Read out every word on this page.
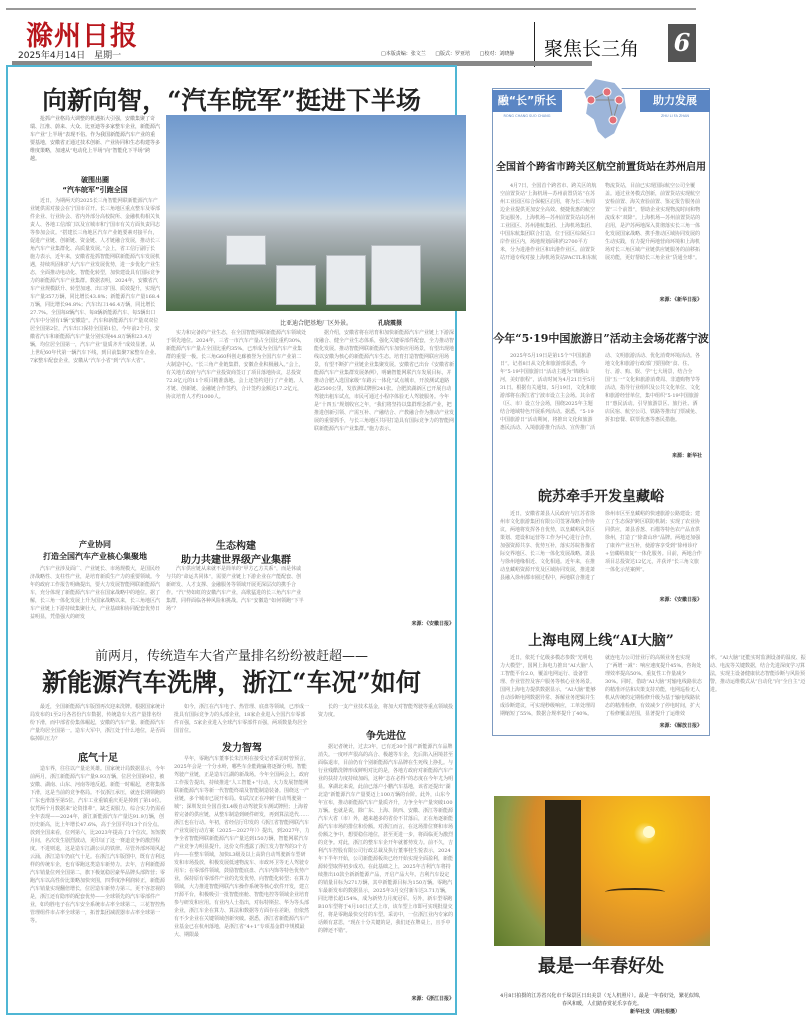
滁州日报
2025年4月14日　星期一	□本版责编：张文兰 □版式：罗亚培 □校对：刘晓静	聚焦长三角 6
向新向智，“汽车皖军”挺进下半场
抢抓产业格局大调整的机遇拓大引强，安徽集聚了奇瑞、江淮、蔚来、大众、比亚迪等多家整车企业，新能源汽车产业“上半场”表现不俗。作为我国新能源汽车产业的重要基地，安徽省正通过技术创新、产业协同和生态构建等多维度策略，加速从“电动化上半场”向“智能化下半场”跨越。
破围出圈
“汽车皖军”引跑全国
近日，为期两天的2025长三角智能网联新能源汽车产业链供需对接会在宁国市召开。长三角地区重点整车及零部件企业、行业协会、省内外部分高校院所、金融机构相关负责人、各地工信部门以及宣城市和宁国市有关方面负责同志等参加会议。“搭建长三角地区汽车产业链要素对接平台，促进产业链、创新链、资金链、人才链融合发展，推动长三角汽车产业集群化、高质量发展。”会上，省工信厅副厅长施力表示，近年来，安徽省抢抓智能网联新能源汽车发展机遇，持续巩固和扩大汽车产业发展优势，进一步优化产业生态，全面推动电动化、智能化转型，加快建设具有国际竞争力的新能源汽车产业集群。数据表明，2024年，安徽省汽车产业规模跃升、转型加速、出口扩围、质效提升，实现汽车产量357万辆，同比增长43.8%；新能源汽车产量168.4万辆，同比增长94.8%；汽车出口146.4万辆，同比增长27.7%。全国每8辆汽车、每8辆新能源汽车、每5辆出口汽车中分别有1辆“安徽造”。汽车和新能源汽车产量双双位居全国第2位，汽车出口保持全国第1位。今年前2个月，安徽省汽车和新能源汽车产量分别实现44.8万辆和23.4万辆，均位居全国第一，汽车产业“量质齐升”成效显著。从上世纪60年代第一辆汽车下线，到目前集聚7家整车企业、7家整车配套企业，安徽从“汽车小省”到“汽车大省”。
产业协同
打造全国汽车产业核心集聚地
汽车产业涉及面广、产业链长、市场规模大，是国民经济战略性、支柱性产业，是培育新质生产力的重要领域。今年的政府工作报告明确提出，要大力发展智能网联新能源汽车，充分体现了新能源汽车产业在国家战略中的地位。据了解，长三角一体化发展上升为国家战略以来，长三角地区汽车产业链上下游持续集聚壮大，产业基础和协同配套优势日益明显，凭借强大的研发
比亚迪合肥基地厂区外景。	孔晓震摄
实力和完备的产业生态，在全国智能网联新能源汽车领域处于领先地位。2024年，三省一市汽车产量占全国比重约30%，新能源汽车产量占全国比重约35%，已形成为全国汽车产业集群的重要一极。长三角G60科创走廊被誉为全国汽车产业第二大制造中心。“长三角产业链集群，安徽企业积极融入。”会上，有关地方政府与汽车产业投资商签订了项目落地协议，总投资72.8亿元的11个项目精准落地。会上还签约进行了产业链、人才链、创新链、金融链合作签约，合计签约金额达17.2亿元，协议培育人才约1000人。
生态构建
助力共建世界级产业集群
汽车供应链从来就不是简单的“甲方乙方关系”，而是休戚与共的“命运共同体”，需要产业链上下游企业在产能配套、创新研发、人才支撑、金融服务等领域开展更深层次的携手合作。“汽”势如虹的安徽汽车产业，高歌猛进的长三角汽车产业集群，同样面临各种风险和挑战。汽车“安徽造”如何领跑“下半场”？
据介绍，安徽省将在培育和加快新能源汽车产业链上下游深度融合、健全产业生态体系，强化关键零部件配套，全力推动智能化发展。推动智能网联新能源汽车加快应用场景，有望出现地线以安徽为核心的新能源汽车生态。培育打造智能网联应用场景，有望不断扩产业链企业集聚发展。安徽省已出台《安徽省新能源汽车产业集群发展条例》，明确智能网联汽车发展目标，并推动合肥入选国家级“车路云一体化”试点城市，开放测试道路超2500公里，发放测试牌照241张。合肥滨湖新区已开展自动驾驶出租车试点，市民可通过小程序体验无人驾驶服务。今年是“十四五”规划收官之年，“我们将坚持以集群理念抓产业，把推进创新引领、产需互补、产融结合、产教融合作为推动产业发展的重要抓手，与长三角地区共同打造具有国际竞争力的智能网联新能源汽车产业集群。”施力表示。
来源：《安徽日报》
前两月，传统造车大省产量排名纷纷被赶超——
新能源汽车洗牌，浙江“车况”如何
最近，全国新能源汽车版图再次迎来洗牌。根据国家统计局发布的1至2月各省份汽车数据，传统造车大省产量排名纷纷下滑，而中部省份集体崛起，安徽的汽车产量、新能源汽车产量均居全国第一。造车大军中，浙江处于什么地位，是否面临掉队压力？
底气十足
造车界，往往以产量论英雄。国家统计局数据显示，今年前两月，浙江新能源汽车产量9.93万辆，位居全国第9位，被安徽、湖南、山东、河南等地反超。新能一时崛起，老将集体下滑，这是当前的竞争格局。不仅浙江承压，就连长期领跑的广东也滑落至第5位，汽车工业重镇重庆更是掉到了第10位。仅凭两个月数据来“论资排辈”，缺乏说服力，综合实力仍需看全年表现——2024年，浙江新能源汽车产量达91.9万辆，创历史新高，比上年增长47.6%，高于全国平均13个百分点。放到全国来看，位列第六，比2023年提高了1个位次。短短数月间，名次发生剧烈波动，更印证了这一赛道竞争的激烈程度。不进则退，这是造车江湖公认的铁律。尽管外部环境风起云涌，浙江造车仍底气十足。在浙江汽车版图中，既有吉利这样的传统车企，也有零跑这类造车新势力。去年，吉利新能源汽车销量位列全国第二，旗下极氪稳居豪华品牌头部阵营；零跑汽车以高性价比策略加快突围，四季度净利润转正，新能源汽车销量实现翻倍增长，位居造车新势力第三。更不容忽视的是，浙江还有隐形的配套优势——全球领先的汽车零部件产业，如均胜电子在汽车安全系统市占率全球第二，三花智控热管理组件市占率全球第一，拓普集团减震器市占率全球第一等。
如今，浙江在汽车电子、热管理、底盘等领域，已形成一批具有国际竞争力的头部企业，18家企业进入全国汽车零部件百强，5家企业进入全球汽车零部件百强，两项数量均居全国首位。
发力智驾
早年，零跑汽车董事长朱江明在接受记者采访时曾预言，2025年会是一个分水岭，哪些车企能跑赢将逐渐分明。智能驾驶产业链，正是造车江湖的新战场。今年全国两会上，政府工作报告提出，持续推进“人工智能+”行动，大力发展智能网联新能源汽车等新一代智能终端及智能制造装备。围绕这一产业链，多个城市已展开布局。如武汉正在冲刺“自动驾驶第一城”；深圳发出全国首张L4级自动驾驶货车测试牌照；上海着着完备的供应链，从整车制造到硬件研发，再到算法迭代……浙江也在行动。年初，省经信厅印发的《浙江省智能网联汽车产业发展行动方案（2025—2027年）》提出，到2027年，力争全省智能网联新能源汽车产量达到150万辆，智能网联汽车产业竞争力明显提升。这份文件透露了浙江发力智驾的3个方向——在整车领域，加快L3级及以上高阶自动驾驶新车型研发和市场投放，积极发展低速物流车、市政环卫等无人驾驶专用车；在零部件领域，鼓励智能底盘、汽车内饰等特色优势产业，保持原有零部件产业的先发优势，向智能化转型；在算力领域，大力推进智能网联汽车操作系统等核心软件开发，建立开源平台，积极吸引一批智能座舱、智能电控等领域企业培育参与研发和应用。有业内人士指出，对标特斯拉、华为等头部企业，浙江车企在算力、算法和数据等方面存在差距，但依然有不少企业在关键领域创新突破。据悉，浙江省新能源汽车产业基金已在杭州落地，是浙江省“4+1”专项基金群中规模最大、期限最
长的一支产业技术基金，将加大对智能驾驶等重点领域投资力度。
争先进位
据记者统计，过去3年，已有近30个国产新能源汽车品牌消失。一度呼声很高的高合、极越等车企，先后陷入困境甚至面临退市，目前仍有个别新能源汽车品牌在生死线上挣扎。与行业残酷洗牌形成鲜明对比的是，各地方政府对新能源汽车产业的扶持力度持续加码，这种“志在必得”的态度在今年尤为明显。拿湖北来说，此前已落户小鹏汽车基地，该省还提出“湖北造”新能源汽车产量要迈上100万辆的台阶。此外，山东今年宣布，推动新能源汽车产量质齐升，力争全年产量突破100万辆。也就是说，除广东、上海、陕西、安徽、浙江等新能源汽车大省（市）外，越来越多的省份不甘落后，正在角逐新能源汽车市场的排位和份额。对浙江而言，在这场排位赛和市场份额之争中，想要稳住地位，甚至更进一步，将面临更为激烈的竞争。对此，浙江的整车车企开年就蓄势发力。前不久，吉利汽车控股有限公司行政总裁及执行董事桂生悦表示，2024年下半年开始，公司新能源板块已经开始实现全面盈利，新能源转型取得初步成功。在此基础之上，2025年吉利汽车将持续推出10款全新新能源产品，开启产品大年。吉利汽车设定的销量目标为271万辆，其中新能源目标为150万辆。零跑汽车最新发布的数据显示，2025年3月交付新车达3.71万辆，同比增长超154%，成为新势力月度冠军。另外，新车型零跑B10车型将于4月10日正式上市，该车型上市即可实现批量交付，将是零跑最快交付的车型。采访中，一位浙江业内专家的话颇有意思，“现在十分关键的是，我们还在牌桌上，且手中的牌还不错”。
来源：《浙江日报》
融“长”所长
RONG CHANG SUO CHANG
助力发展
ZHU LI FA ZHAN
全国首个跨省市跨关区航空前置货站在苏州启用
4月7日，全国首个跨省市、跨关区的航空前置货站“上海机场—苏州前置货站”在苏州工业园区综合保税区启用，将为长三角周边企业提供更加安全高效、便捷优惠的航空货运服务。上海机场—苏州前置货站由苏州工业园区、苏州港航集团、上海机场集团、中国东航集团联合打造，位于园区综保区口岸作业区内，场地规划面积约2700平方米，分为进港作业区和出港作业区。前置货站开通专线对接上海机场货站PACTL和东航物流货站，目前已实现国际航空公司全覆盖。通过业务模式创新，前置货站实现航空安检前置、海关查验前置、鉴定报告服务前置“三个前置”，帮助企业实现物流时间和物流成本“双降”。上海机场—苏州前置货站的启用，是沪苏两地深入贯彻落实长三角一体化发展国家战略、携手推动区域协同发展的生动实践，有力提升两地营商环境和上海机场对长三角区域产业链供应链服务的前移拓展功能，更好帮助长三角企业“货通全球”。
来源：《新华日报》
今年“5·19中国旅游日”活动主会场花落宁波
2025年5月19日是第15个“中国旅游日”。记者8日从文化和旅游部获悉，今年“5·19中国旅游日”活动主题为“锦绣山河，美好旅程”，活动时间为4月21日至5月31日。根据有关通知，5月19日，文化和旅游部将在浙江省宁波市设立主会场。其余省（区、市）设立分会场，围绕2025年主题结合地域特色开展系列活动。据悉，“5·19中国旅游日”活动期间，将推出文化和旅游惠民活动、入境旅游推介活动、宣传推广活动、文明旅游活动、优化消费环境活动。各地文化和旅游行政部门要围绕“食、住、行、游、购、娱、学”七大场景，结合全国“五一”文化和旅游消费周、非遗购物节等活动，指导行业组织及公共文化单位、文化和旅游经营单位，集中组织“5·19中国旅游日”惠民活动。引导旅游景区、旅行社、酒店民宿、航空公司、铁路等推出门票减免、折扣套餐、联票优惠等惠民措施。
来源：新华社
皖苏牵手开发皇藏峪
近日，安徽省萧县人民政府与江苏省徐州市文化旅游集团有限公司签署战略合作协议，两地将发挥各自优势，以皇藏峪风景区策划、建设和运营等工作为中心进行合作，加强资源共享、优势互补，落实苏皖鲁豫省际交界地区、长三角一体化发展战略。萧县与徐州地缘相近、文化相通。近年来，在推动皇藏峪资源开发及区域协同发展，推进萧县融入徐州都市圈过程中，两地联合推进了徐州市区至皇藏峪的快速旅游公路建设；建立了生态保护跨区联防机制；实现了农业协同供应，萧县香葱、石榴等特色农产品直供徐州，打造了“徐萧山珍”品牌。两地还加强了康养产业互补，使游客享受到“徐州诊疗+皇藏峪康复”一体化服务。目前，两地合作项目总投资达12亿元，并获评“长三角文旅一体化示范案例”。
来源：《安徽日报》
上海电网上线“AI大脑”
近日，依托千亿级多模态参数“光明电力大模型”，国网上海电力推出“AI大脑”人工智能平台2.0，覆盖电网运行、设备管理、作业管控及客户服务等核心业务场景。国网上海电力提供数据显示，“AI大脑”能够自动诊断电网数据异常、拆解业务逻辑并生成诊断建议，可实现秒级响应，工单处理周期缩短了55%，数据合规率提升了40%。就连电力公司营业厅的高频业务也实现了“两增一减”：响应速度提升45%，咨询处理效率提高50%，重复性工作量减少30%。同时，借助“AI大脑”对输电线路状态的精准评估和决策支持功能，电网巡检无人机从传统的定期检修升级为基于输电线路状态的精准检修，有效减少了停电时间，扩大了检修覆盖范围，显著提升了运维效率。“AI大脑”还能实时监测设备的温度、振动、电流等关键数据，结合先进深度学习算法，实现主设备健康状态智能诊断与风险预警，推动运维模式从“自动化”向“全自主”迈进。
来源：《解放日报》
最是一年春好处
4月8日拍摄的江苏省兴化市千垛景区日出美景（无人机照片）。最是一年春好处，繁花似锦，春风和暖，人们踏春赏花乐享春光。
新华社发（周社根摄）
